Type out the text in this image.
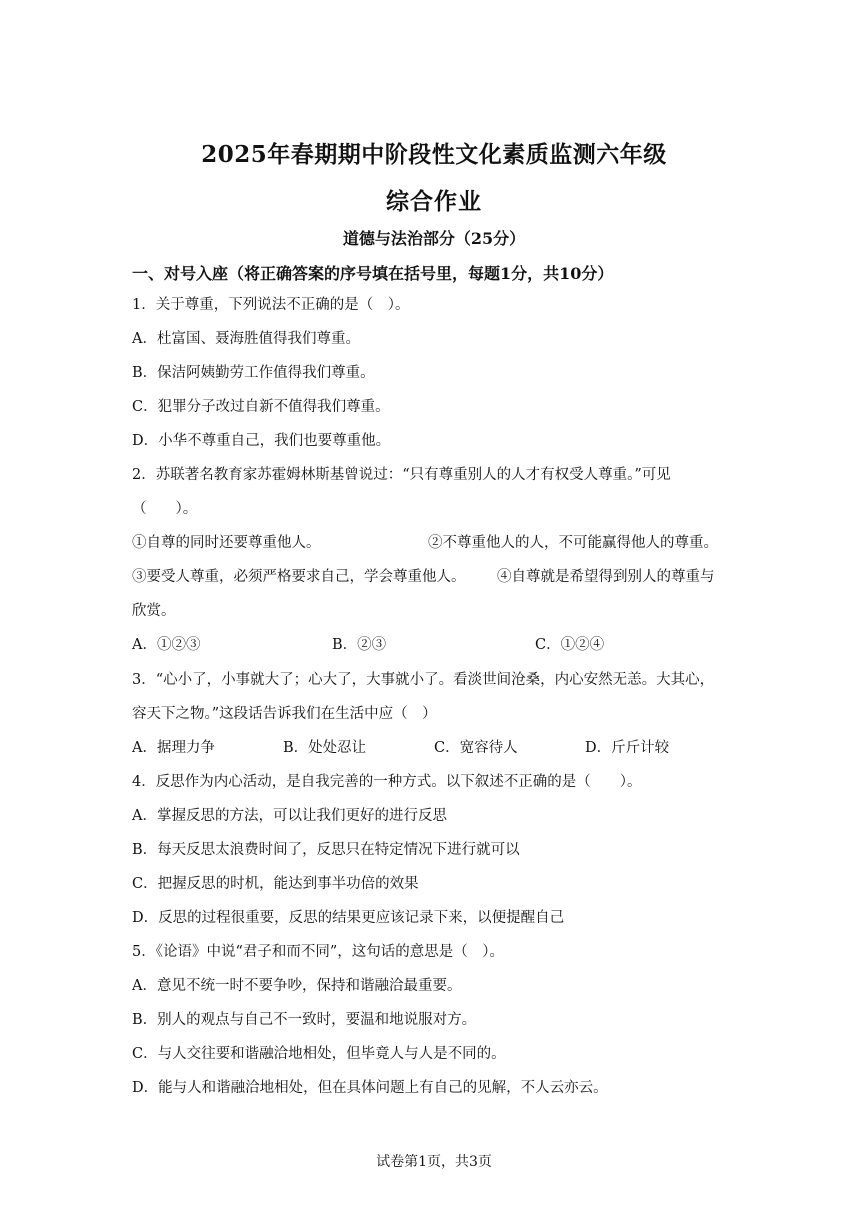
2025年春期期中阶段性文化素质监测六年级
综合作业
道德与法治部分（25分）
一、对号入座（将正确答案的序号填在括号里，每题1分，共10分）
1．关于尊重，下列说法不正确的是（　）。
A．杜富国、聂海胜值得我们尊重。
B．保洁阿姨勤劳工作值得我们尊重。
C．犯罪分子改过自新不值得我们尊重。
D．小华不尊重自己，我们也要尊重他。
2．苏联著名教育家苏霍姆林斯基曾说过：“只有尊重别人的人才有权受人尊重。”可见
（　　）。
①自尊的同时还要尊重他人。	②不尊重他人的人，不可能赢得他人的尊重。
③要受人尊重，必须严格要求自己，学会尊重他人。 ④自尊就是希望得到别人的尊重与
欣赏。
A．①②③	B．②③	C．①②④
3．“心小了，小事就大了；心大了，大事就小了。看淡世间沧桑，内心安然无恙。大其心，
容天下之物。”这段话告诉我们在生活中应（　）
A．据理力争	B．处处忍让	C．宽容待人	D．斤斤计较
4．反思作为内心活动，是自我完善的一种方式。以下叙述不正确的是（　　）。
A．掌握反思的方法，可以让我们更好的进行反思
B．每天反思太浪费时间了，反思只在特定情况下进行就可以
C．把握反思的时机，能达到事半功倍的效果
D．反思的过程很重要，反思的结果更应该记录下来，以便提醒自己
5．《论语》中说“君子和而不同”，这句话的意思是（　）。
A．意见不统一时不要争吵，保持和谐融洽最重要。
B．别人的观点与自己不一致时，要温和地说服对方。
C．与人交往要和谐融洽地相处，但毕竟人与人是不同的。
D．能与人和谐融洽地相处，但在具体问题上有自己的见解，不人云亦云。
试卷第1页，共3页
